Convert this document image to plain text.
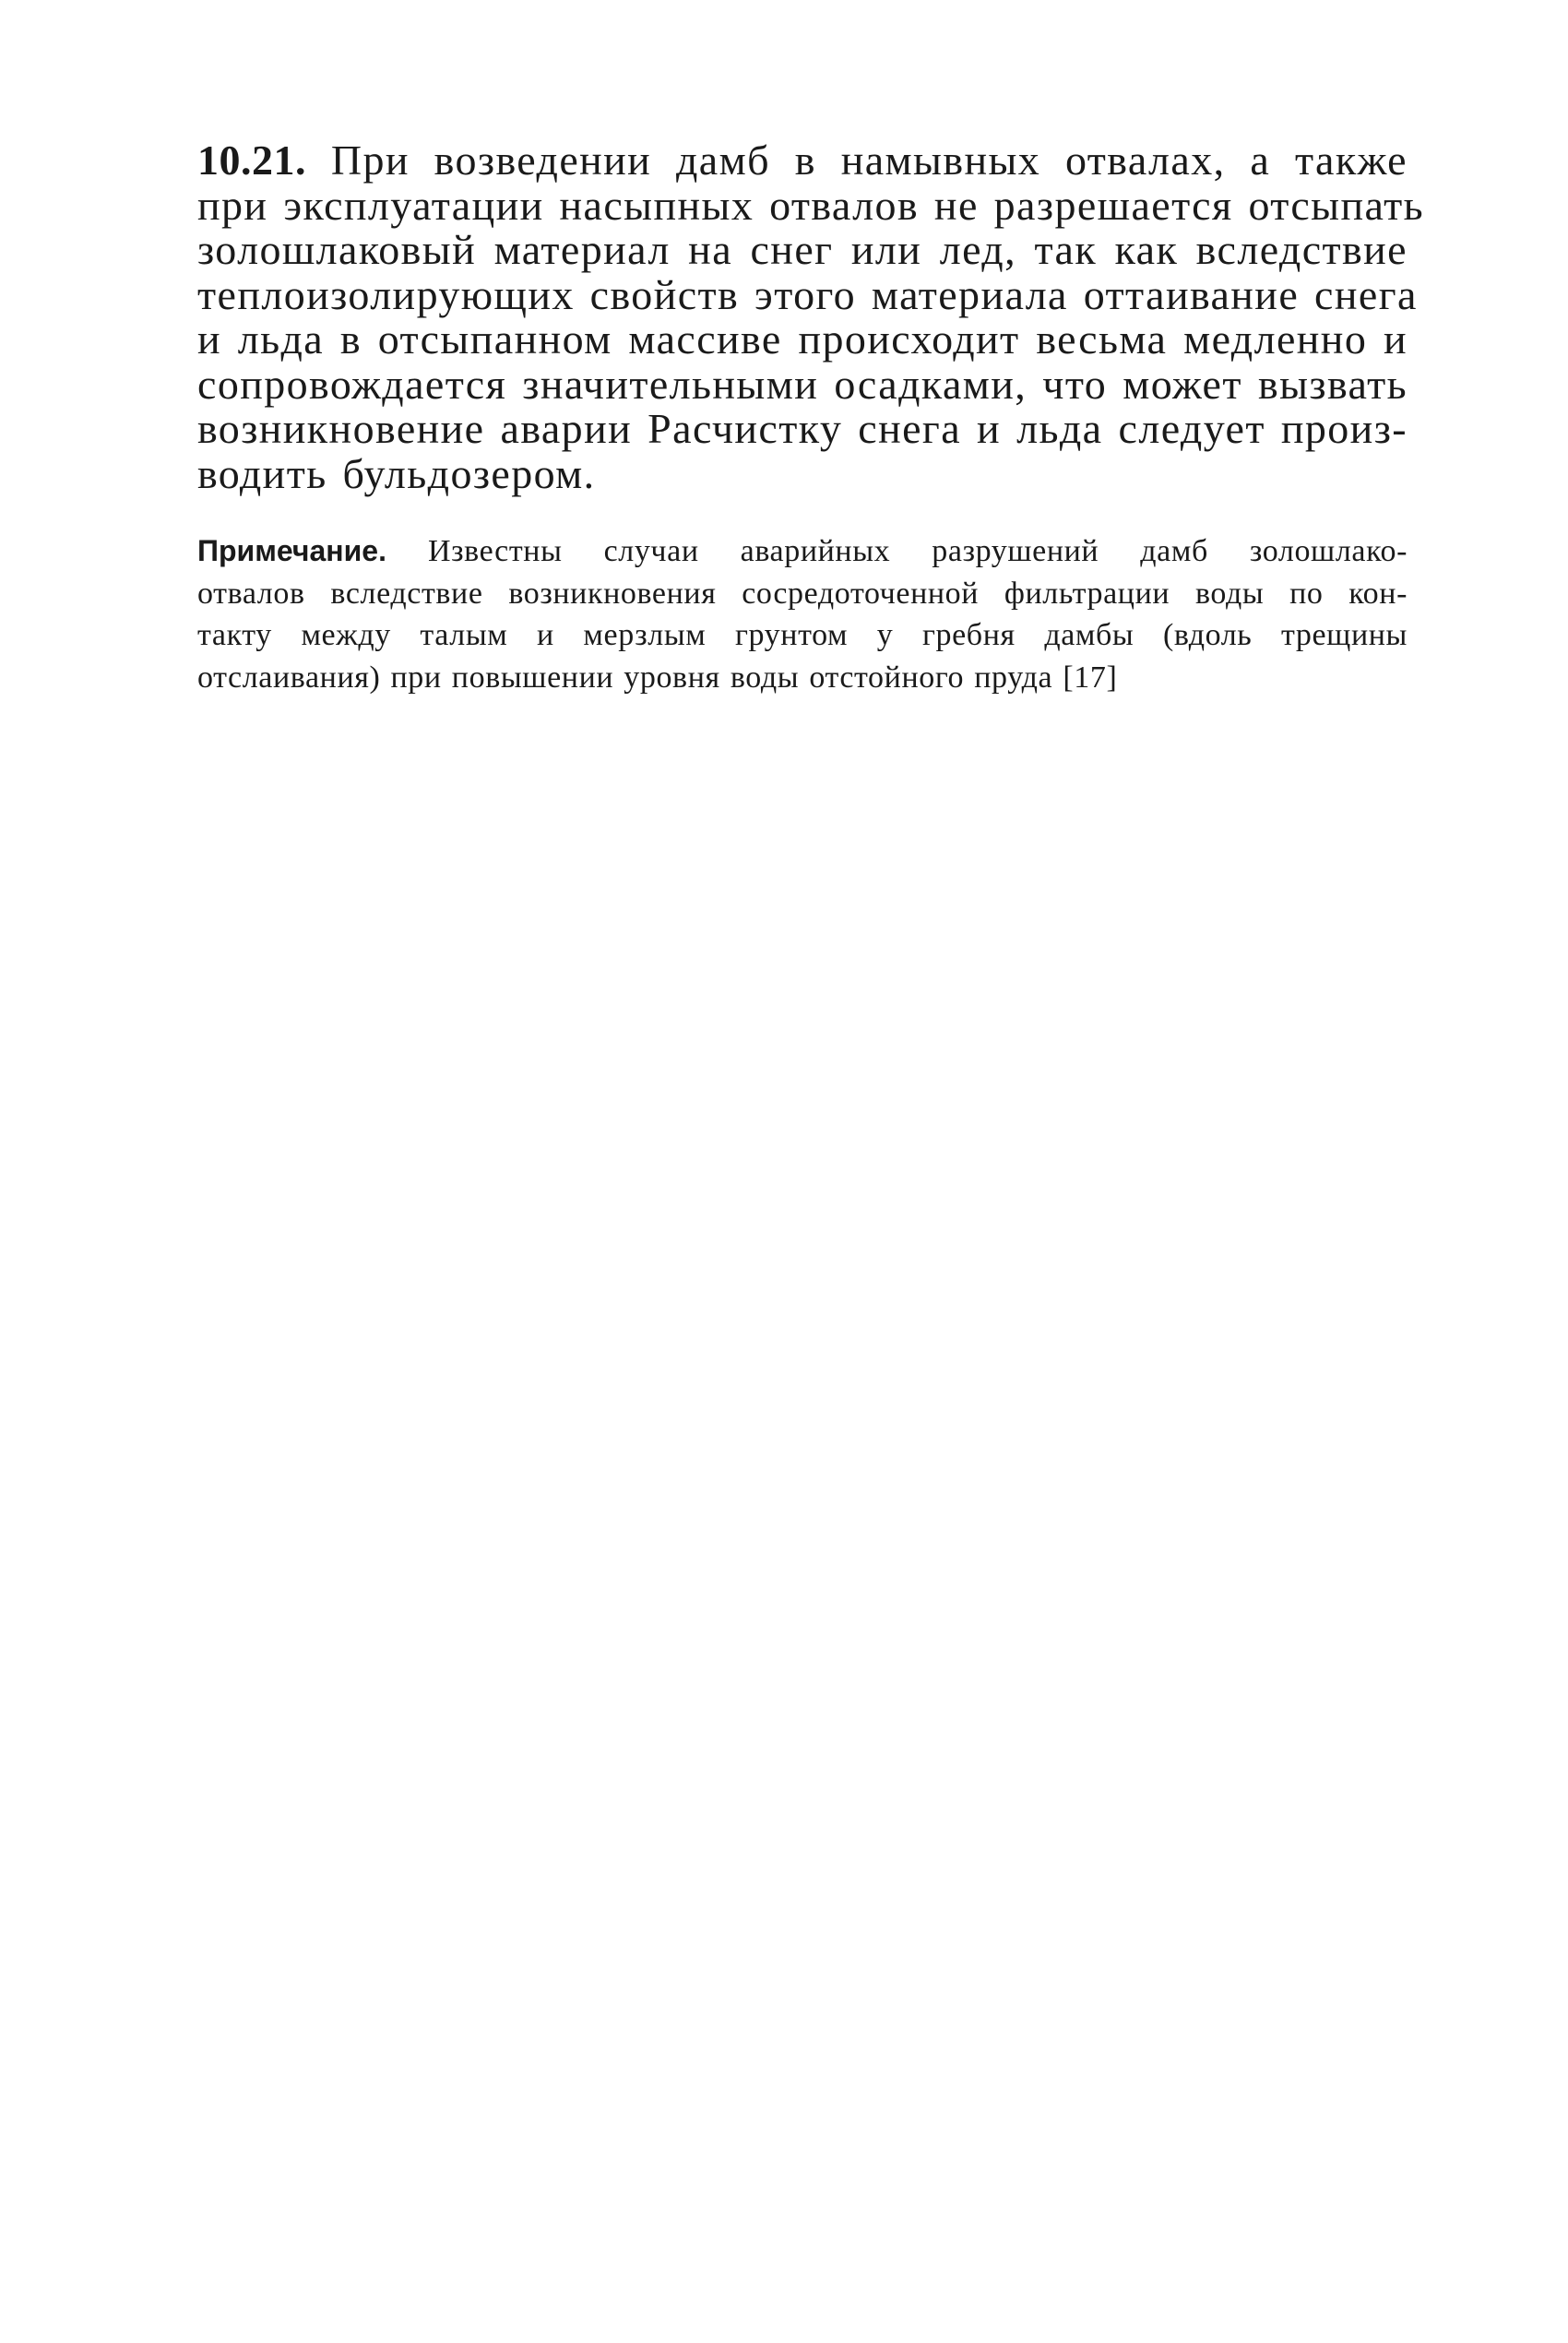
10.21. При возведении дамб в намывных отвалах, а также
при эксплуатации насыпных отвалов не разрешается отсыпать
золошлаковый материал на снег или лед, так как вследствие
теплоизолирующих свойств этого материала оттаивание снега
и льда в отсыпанном массиве происходит весьма медленно и
сопровождается значительными осадками, что может вызвать
возникновение аварии Расчистку снега и льда следует произ-
водить бульдозером.
Примечание. Известны случаи аварийных разрушений дамб золошлако-
отвалов вследствие возникновения сосредоточенной фильтрации воды по кон-
такту между талым и мерзлым грунтом у гребня дамбы (вдоль трещины
отслаивания) при повышении уровня воды отстойного пруда [17]
